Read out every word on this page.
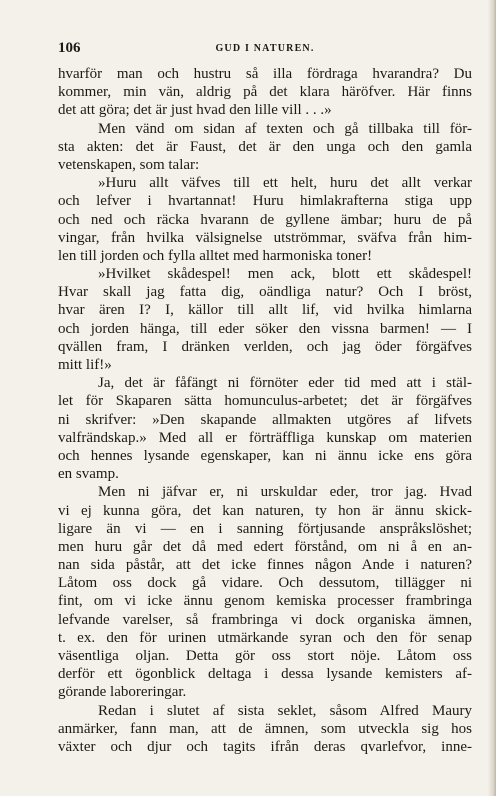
106	GUD I NATUREN.
hvarför man och hustru så illa fördraga hvarandra? Du
kommer, min vän, aldrig på det klara häröfver. Här finns
det att göra; det är just hvad den lille vill . . .»
Men vänd om sidan af texten och gå tillbaka till för-
sta akten: det är Faust, det är den unga och den gamla
vetenskapen, som talar:
»Huru allt väfves till ett helt, huru det allt verkar
och lefver i hvartannat! Huru himlakrafterna stiga upp
och ned och räcka hvarann de gyllene ämbar; huru de på
vingar, från hvilka välsignelse utströmmar, sväfva från him-
len till jorden och fylla alltet med harmoniska toner!
»Hvilket skådespel! men ack, blott ett skådespel!
Hvar skall jag fatta dig, oändliga natur? Och I bröst,
hvar ären I? I, källor till allt lif, vid hvilka himlarna
och jorden hänga, till eder söker den vissna barmen! — I
qvällen fram, I dränken verlden, och jag öder förgäfves
mitt lif!»
Ja, det är fåfängt ni förnöter eder tid med att i stäl-
let för Skaparen sätta homunculus-arbetet; det är förgäfves
ni skrifver: »Den skapande allmakten utgöres af lifvets
valfrändskap.» Med all er förträffliga kunskap om materien
och hennes lysande egenskaper, kan ni ännu icke ens göra
en svamp.
Men ni jäfvar er, ni urskuldar eder, tror jag. Hvad
vi ej kunna göra, det kan naturen, ty hon är ännu skick-
ligare än vi — en i sanning förtjusande anspråkslöshet;
men huru går det då med edert förstånd, om ni å en an-
nan sida påstår, att det icke finnes någon Ande i naturen?
Låtom oss dock gå vidare. Och dessutom, tillägger ni
fint, om vi icke ännu genom kemiska processer frambringa
lefvande varelser, så frambringa vi dock organiska ämnen,
t. ex. den för urinen utmärkande syran och den för senap
väsentliga oljan. Detta gör oss stort nöje. Låtom oss
derför ett ögonblick deltaga i dessa lysande kemisters af-
görande laboreringar.
Redan i slutet af sista seklet, såsom Alfred Maury
anmärker, fann man, att de ämnen, som utveckla sig hos
växter och djur och tagits ifrån deras qvarlefvor, inne-
